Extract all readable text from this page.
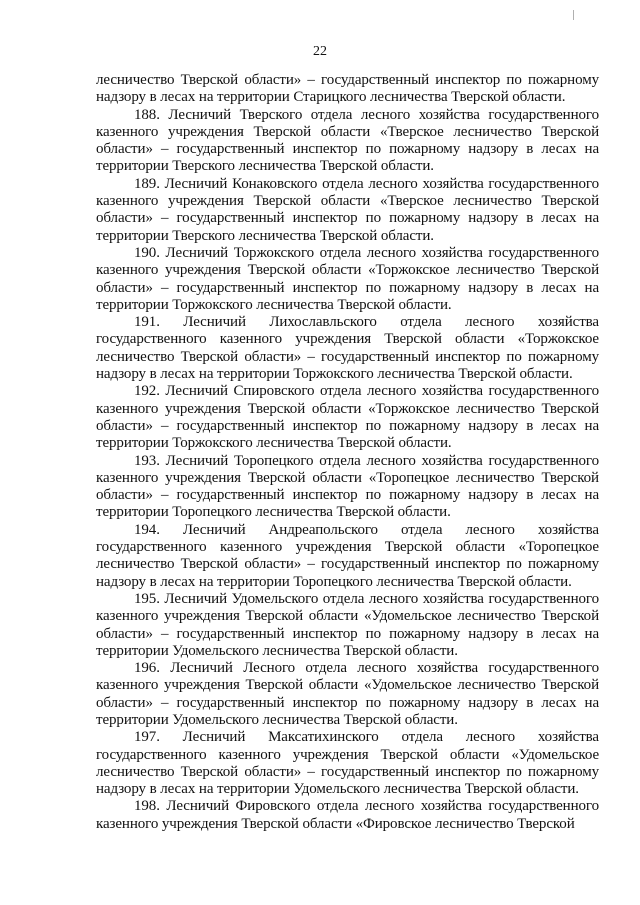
22

лесничество Тверской области» – государственный инспектор по пожарному надзору в лесах на территории Старицкого лесничества Тверской области.

188. Лесничий Тверского отдела лесного хозяйства государственного казенного учреждения Тверской области «Тверское лесничество Тверской области» – государственный инспектор по пожарному надзору в лесах на территории Тверского лесничества Тверской области.

189. Лесничий Конаковского отдела лесного хозяйства государственного казенного учреждения Тверской области «Тверское лесничество Тверской области» – государственный инспектор по пожарному надзору в лесах на территории Тверского лесничества Тверской области.

190. Лесничий Торжокского отдела лесного хозяйства государственного казенного учреждения Тверской области «Торжокское лесничество Тверской области» – государственный инспектор по пожарному надзору в лесах на территории Торжокского лесничества Тверской области.

191. Лесничий Лихославльского отдела лесного хозяйства государственного казенного учреждения Тверской области «Торжокское лесничество Тверской области» – государственный инспектор по пожарному надзору в лесах на территории Торжокского лесничества Тверской области.

192. Лесничий Спировского отдела лесного хозяйства государственного казенного учреждения Тверской области «Торжокское лесничество Тверской области» – государственный инспектор по пожарному надзору в лесах на территории Торжокского лесничества Тверской области.

193. Лесничий Торопецкого отдела лесного хозяйства государственного казенного учреждения Тверской области «Торопецкое лесничество Тверской области» – государственный инспектор по пожарному надзору в лесах на территории Торопецкого лесничества Тверской области.

194. Лесничий Андреапольского отдела лесного хозяйства государственного казенного учреждения Тверской области «Торопецкое лесничество Тверской области» – государственный инспектор по пожарному надзору в лесах на территории Торопецкого лесничества Тверской области.

195. Лесничий Удомельского отдела лесного хозяйства государственного казенного учреждения Тверской области «Удомельское лесничество Тверской области» – государственный инспектор по пожарному надзору в лесах на территории Удомельского лесничества Тверской области.

196. Лесничий Лесного отдела лесного хозяйства государственного казенного учреждения Тверской области «Удомельское лесничество Тверской области» – государственный инспектор по пожарному надзору в лесах на территории Удомельского лесничества Тверской области.

197. Лесничий Максатихинского отдела лесного хозяйства государственного казенного учреждения Тверской области «Удомельское лесничество Тверской области» – государственный инспектор по пожарному надзору в лесах на территории Удомельского лесничества Тверской области.

198. Лесничий Фировского отдела лесного хозяйства государственного казенного учреждения Тверской области «Фировское лесничество Тверской
